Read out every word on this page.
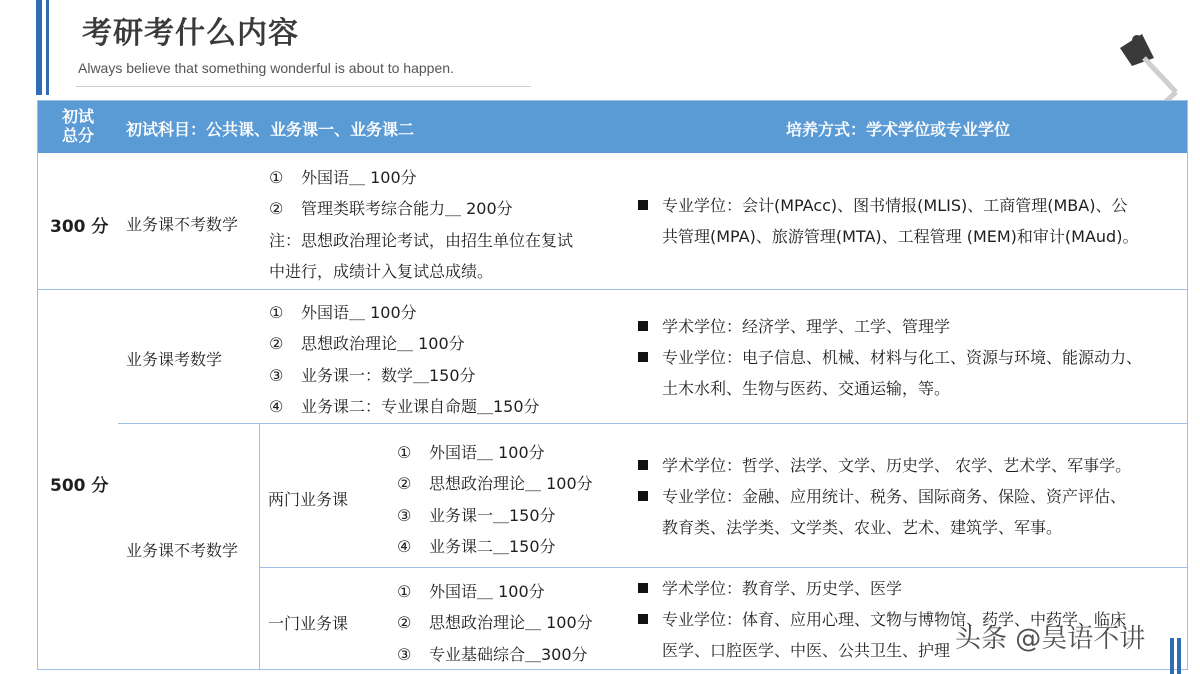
考研考什么内容
Always believe that something wonderful is about to happen.
初试
总分	初试科目：公共课、业务课一、业务课二	培养方式：学术学位或专业学位
300 分 业务课不考数学
① 外国语＿ 100分
② 管理类联考综合能力＿ 200分
注：思想政治理论考试，由招生单位在复试
中进行，成绩计入复试总成绩。
专业学位：会计(MPAcc)、图书情报(MLIS)、工商管理(MBA)、公
共管理(MPA)、旅游管理(MTA)、工程管理 (MEM)和审计(MAud)。
500 分
业务课考数学
① 外国语＿ 100分
② 思想政治理论＿ 100分
③ 业务课一：数学＿150分
④ 业务课二：专业课自命题＿150分
学术学位：经济学、理学、工学、管理学
专业学位：电子信息、机械、材料与化工、资源与环境、能源动力、
土木水利、生物与医药、交通运输，等。
业务课不考数学
两门业务课
① 外国语＿ 100分
② 思想政治理论＿ 100分
③ 业务课一＿150分
④ 业务课二＿150分
学术学位：哲学、法学、文学、历史学、 农学、艺术学、军事学。
专业学位：金融、应用统计、税务、国际商务、保险、资产评估、
教育类、法学类、文学类、农业、艺术、建筑学、军事。
一门业务课
① 外国语＿ 100分
② 思想政治理论＿ 100分
③ 专业基础综合＿300分
学术学位：教育学、历史学、医学
专业学位：体育、应用心理、文物与博物馆、药学、中药学、临床
医学、口腔医学、中医、公共卫生、护理 头条 @昊语不讲
